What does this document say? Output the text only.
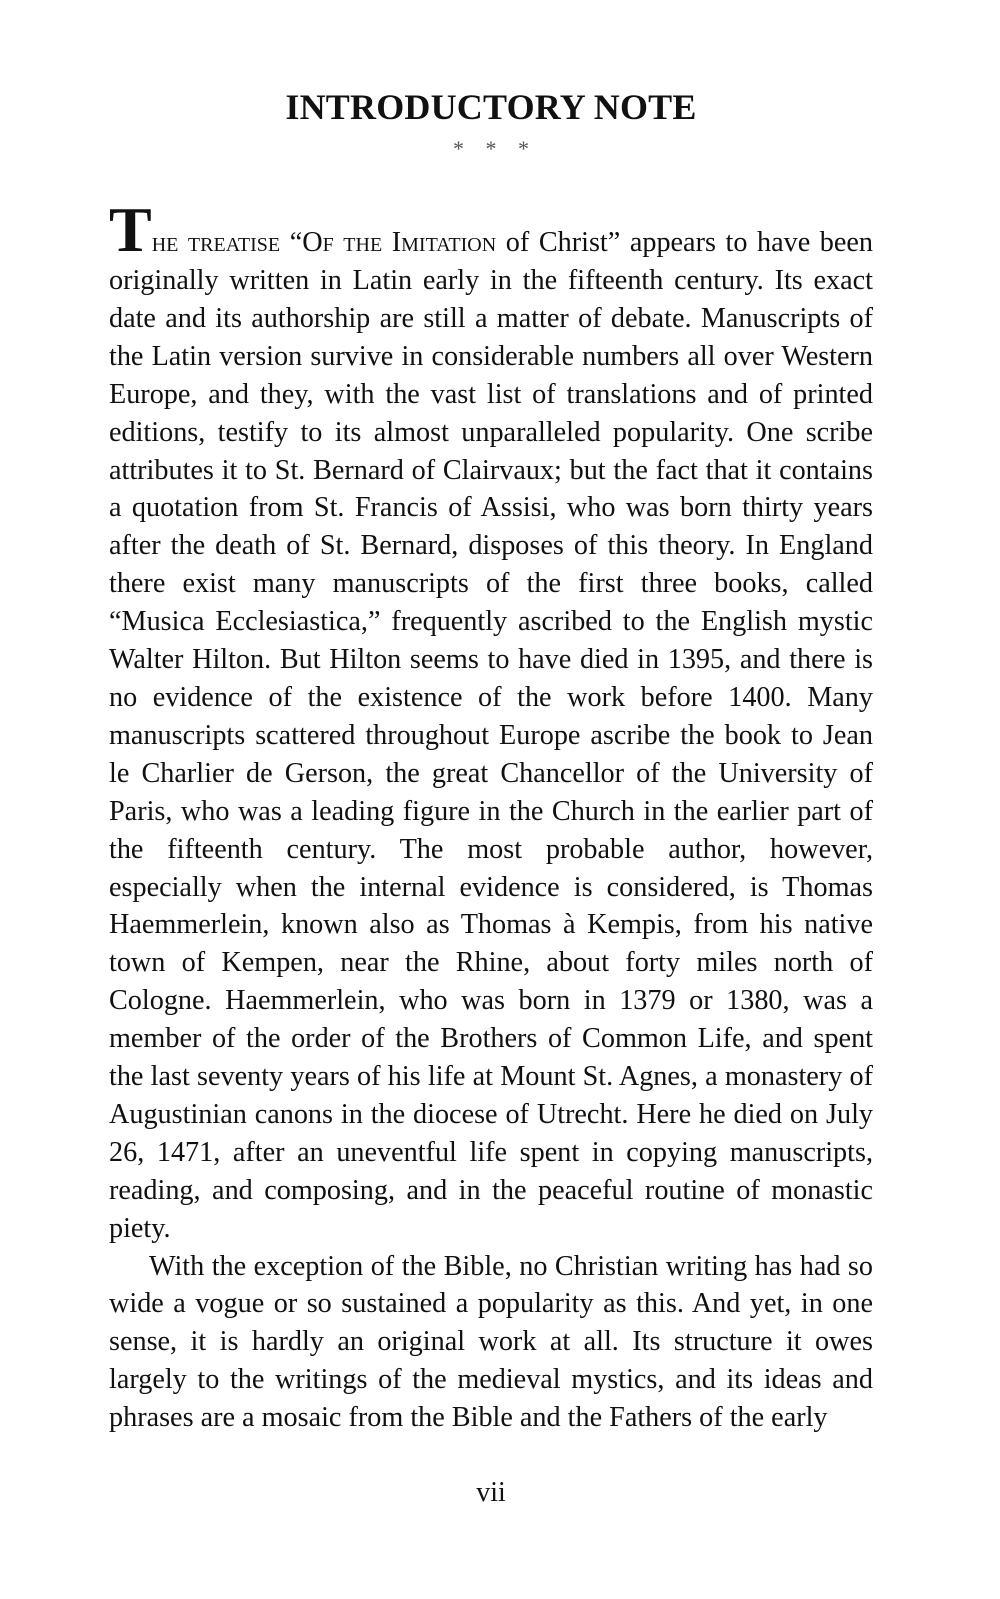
INTRODUCTORY NOTE
* * *

The treatise “Of the Imitation of Christ” appears to have been originally written in Latin early in the fifteenth century. Its exact date and its authorship are still a matter of debate. Manuscripts of the Latin version survive in considerable numbers all over Western Europe, and they, with the vast list of translations and of printed editions, testify to its almost unparalleled popularity. One scribe attributes it to St. Bernard of Clairvaux; but the fact that it contains a quotation from St. Francis of Assisi, who was born thirty years after the death of St. Bernard, disposes of this theory. In England there exist many manuscripts of the first three books, called “Musica Ecclesiastica,” frequently ascribed to the English mystic Walter Hilton. But Hilton seems to have died in 1395, and there is no evidence of the existence of the work before 1400. Many manuscripts scattered throughout Europe ascribe the book to Jean le Charlier de Gerson, the great Chancellor of the University of Paris, who was a leading figure in the Church in the earlier part of the fifteenth century. The most probable author, however, especially when the internal evidence is considered, is Thomas Haemmerlein, known also as Thomas à Kempis, from his native town of Kempen, near the Rhine, about forty miles north of Cologne. Haemmerlein, who was born in 1379 or 1380, was a member of the order of the Brothers of Common Life, and spent the last seventy years of his life at Mount St. Agnes, a monastery of Augustinian canons in the diocese of Utrecht. Here he died on July 26, 1471, after an uneventful life spent in copying manuscripts, reading, and composing, and in the peaceful routine of monastic piety.

With the exception of the Bible, no Christian writing has had so wide a vogue or so sustained a popularity as this. And yet, in one sense, it is hardly an original work at all. Its structure it owes largely to the writings of the medieval mystics, and its ideas and phrases are a mosaic from the Bible and the Fathers of the early

vii
